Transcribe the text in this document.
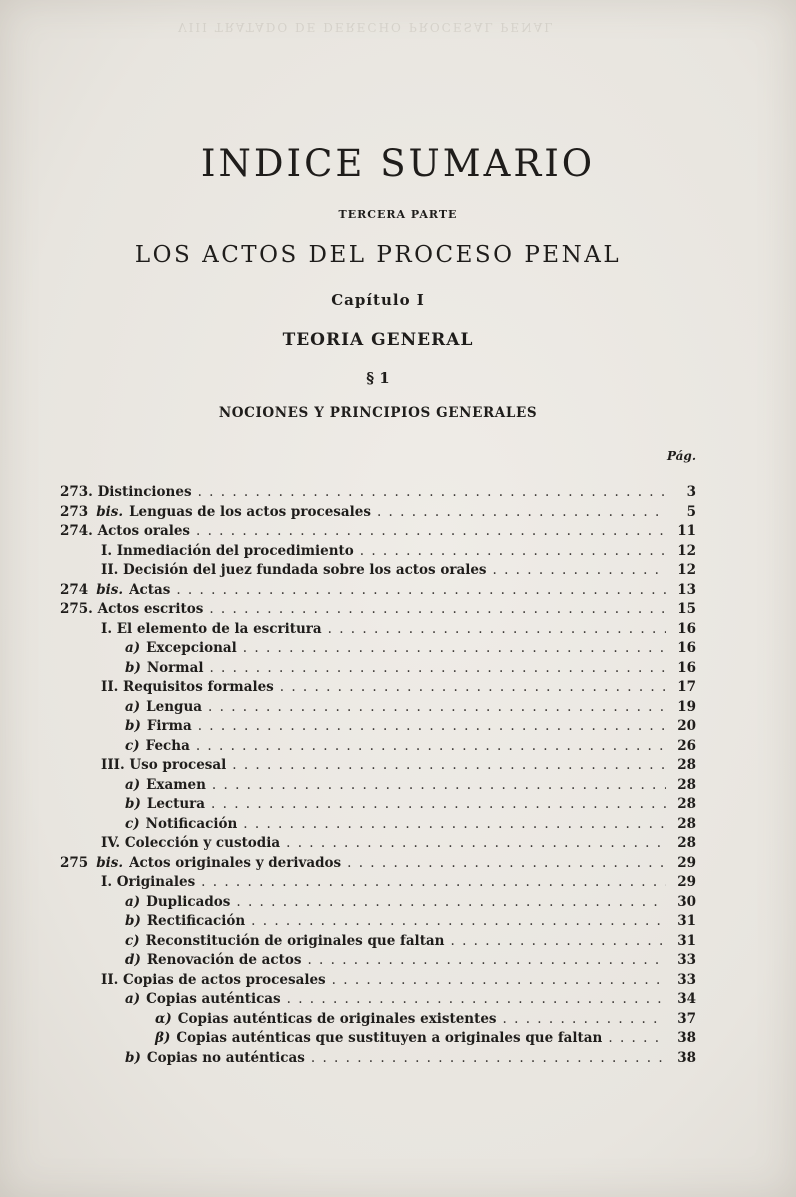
VIII TRATADO DE DERECHO PROCESAL PENAL
INDICE SUMARIO
TERCERA PARTE
LOS ACTOS DEL PROCESO PENAL
Capítulo I
TEORIA GENERAL
§ 1
NOCIONES Y PRINCIPIOS GENERALES
Pág.
273. Distinciones . . .	3
273 bis. Lenguas de los actos procesales . . .	5
274. Actos orales . . .	11
I. Inmediación del procedimiento . . .	12
II. Decisión del juez fundada sobre los actos orales . . .	12
274 bis. Actas . . .	13
275. Actos escritos . . .	15
I. El elemento de la escritura . . .	16
a) Excepcional . . .	16
b) Normal . . .	16
II. Requisitos formales . . .	17
a) Lengua . . .	19
b) Firma . . .	20
c) Fecha . . .	26
III. Uso procesal . . .	28
a) Examen . . .	28
b) Lectura . . .	28
c) Notificación . . .	28
IV. Colección y custodia . . .	28
275 bis. Actos originales y derivados . . .	29
I. Originales . . .	29
a) Duplicados . . .	30
b) Rectificación . . .	31
c) Reconstitución de originales que faltan . . .	31
d) Renovación de actos . . .	33
II. Copias de actos procesales . . .	33
a) Copias auténticas . . .	34
α) Copias auténticas de originales existentes . . .	37
β) Copias auténticas que sustituyen a originales que faltan . . .	38
b) Copias no auténticas . . .	38
